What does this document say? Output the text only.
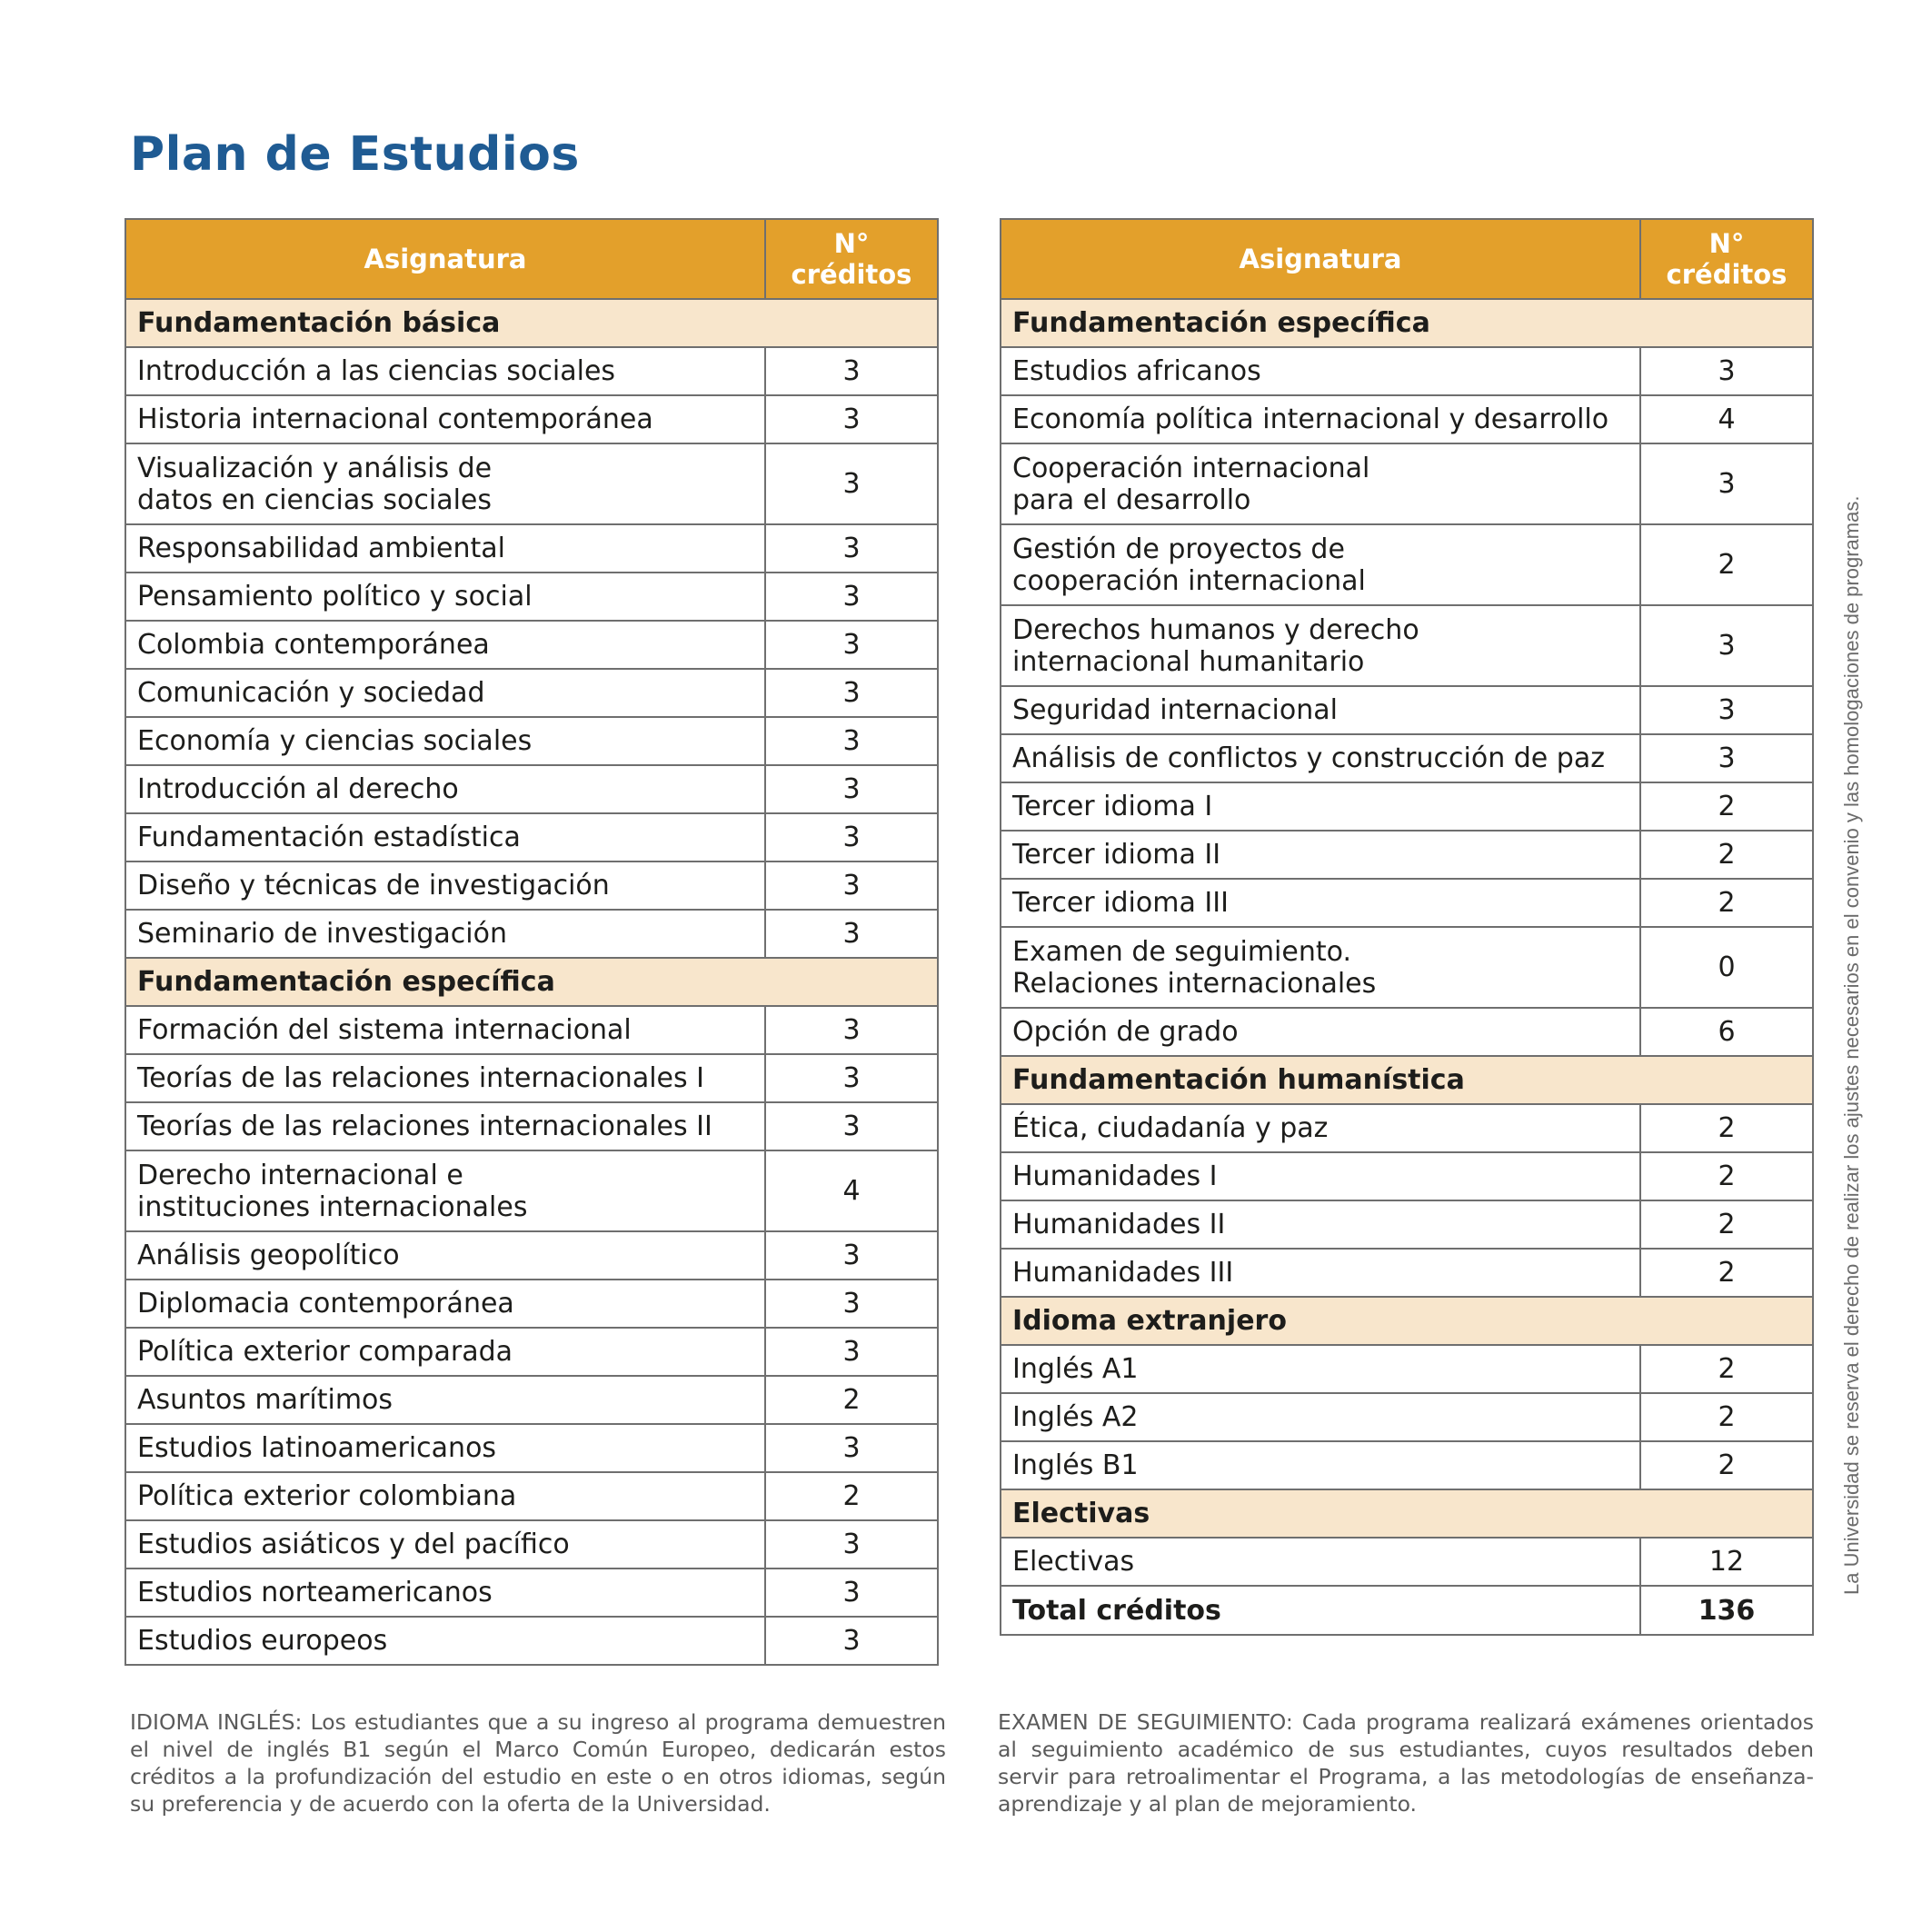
Plan de Estudios
Asignatura	N° créditos
Fundamentación básica	
Introducción a las ciencias sociales	3
Historia internacional contemporánea	3
Visualización y análisis de
datos en ciencias sociales	3
Responsabilidad ambiental	3
Pensamiento político y social	3
Colombia contemporánea	3
Comunicación y sociedad	3
Economía y ciencias sociales	3
Introducción al derecho	3
Fundamentación estadística	3
Diseño y técnicas de investigación	3
Seminario de investigación	3
Fundamentación específica	
Formación del sistema internacional	3
Teorías de las relaciones internacionales I	3
Teorías de las relaciones internacionales II	3
Derecho internacional e
instituciones internacionales	4
Análisis geopolítico	3
Diplomacia contemporánea	3
Política exterior comparada	3
Asuntos marítimos	2
Estudios latinoamericanos	3
Política exterior colombiana	2
Estudios asiáticos y del pacífico	3
Estudios norteamericanos	3
Estudios europeos	3
Asignatura	N° créditos
Fundamentación específica	
Estudios africanos	3
Economía política internacional y desarrollo	4
Cooperación internacional
para el desarrollo	3
Gestión de proyectos de
cooperación internacional	2
Derechos humanos y derecho
internacional humanitario	3
Seguridad internacional	3
Análisis de conflictos y construcción de paz	3
Tercer idioma I	2
Tercer idioma II	2
Tercer idioma III	2
Examen de seguimiento.
Relaciones internacionales	0
Opción de grado	6
Fundamentación humanística	
Ética, ciudadanía y paz	2
Humanidades I	2
Humanidades II	2
Humanidades III	2
Idioma extranjero	
Inglés A1	2
Inglés A2	2
Inglés B1	2
Electivas	
Electivas	12
Total créditos	136

IDIOMA INGLÉS: Los estudiantes que a su ingreso al programa demuestren el nivel de inglés B1 según el Marco Común Europeo, dedicarán estos créditos a la profundización del estudio en este o en otros idiomas, según su preferencia y de acuerdo con la oferta de la Universidad.

EXAMEN DE SEGUIMIENTO: Cada programa realizará exámenes orientados al seguimiento académico de sus estudiantes, cuyos resultados deben servir para retroalimentar el Programa, a las metodologías de enseñanza-aprendizaje y al plan de mejoramiento.

La Universidad se reserva el derecho de realizar los ajustes necesarios en el convenio y las homologaciones de programas.
